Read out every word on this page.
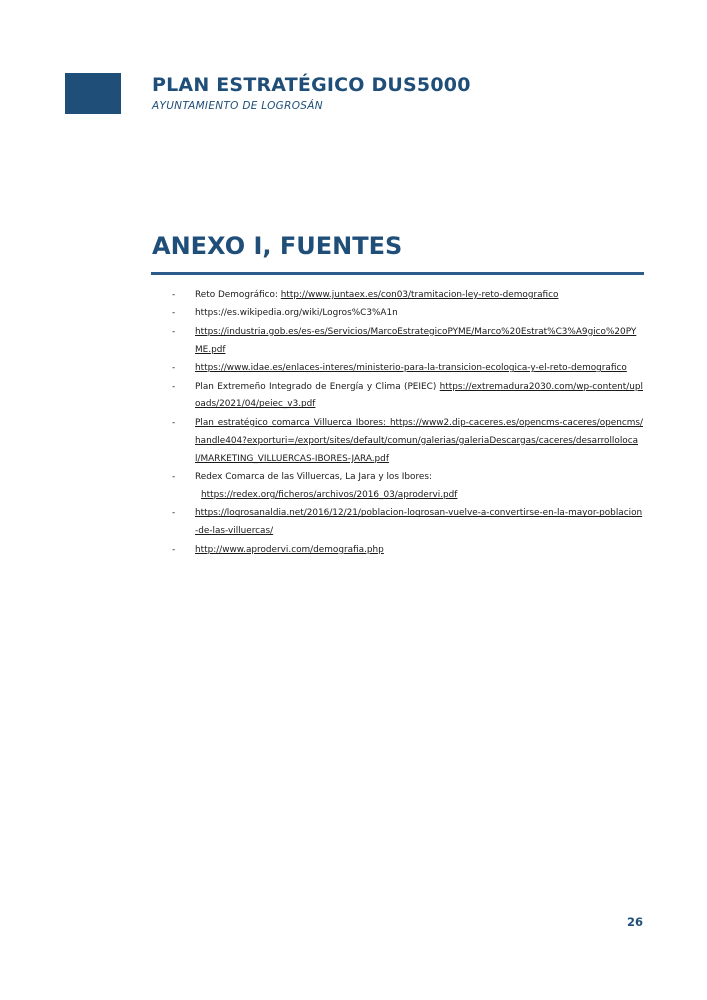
PLAN ESTRATÉGICO DUS5000
AYUNTAMIENTO DE LOGROSÁN
ANEXO I, FUENTES
- Reto Demográfico: http://www.juntaex.es/con03/tramitacion-ley-reto-demografico
- https://es.wikipedia.org/wiki/Logros%C3%A1n
- https://industria.gob.es/es-es/Servicios/MarcoEstrategicoPYME/Marco%20Estrat%C3%A9gico%20PYME.pdf
- https://www.idae.es/enlaces-interes/ministerio-para-la-transicion-ecologica-y-el-reto-demografico
- Plan Extremeño Integrado de Energía y Clima (PEIEC) https://extremadura2030.com/wp-content/uploads/2021/04/peiec_v3.pdf
- Plan estratégico comarca Villuerca Ibores: https://www2.dip-caceres.es/opencms-caceres/opencms/handle404?exporturi=/export/sites/default/comun/galerias/galeriaDescargas/caceres/desarrollolocal/MARKETING_VILLUERCAS-IBORES-JARA.pdf
- Redex Comarca de las Villuercas, La Jara y los Ibores:
https://redex.org/ficheros/archivos/2016_03/aprodervi.pdf
- https://logrosanaldia.net/2016/12/21/poblacion-logrosan-vuelve-a-convertirse-en-la-mayor-poblacion-de-las-villuercas/
- http://www.aprodervi.com/demografia.php
26
